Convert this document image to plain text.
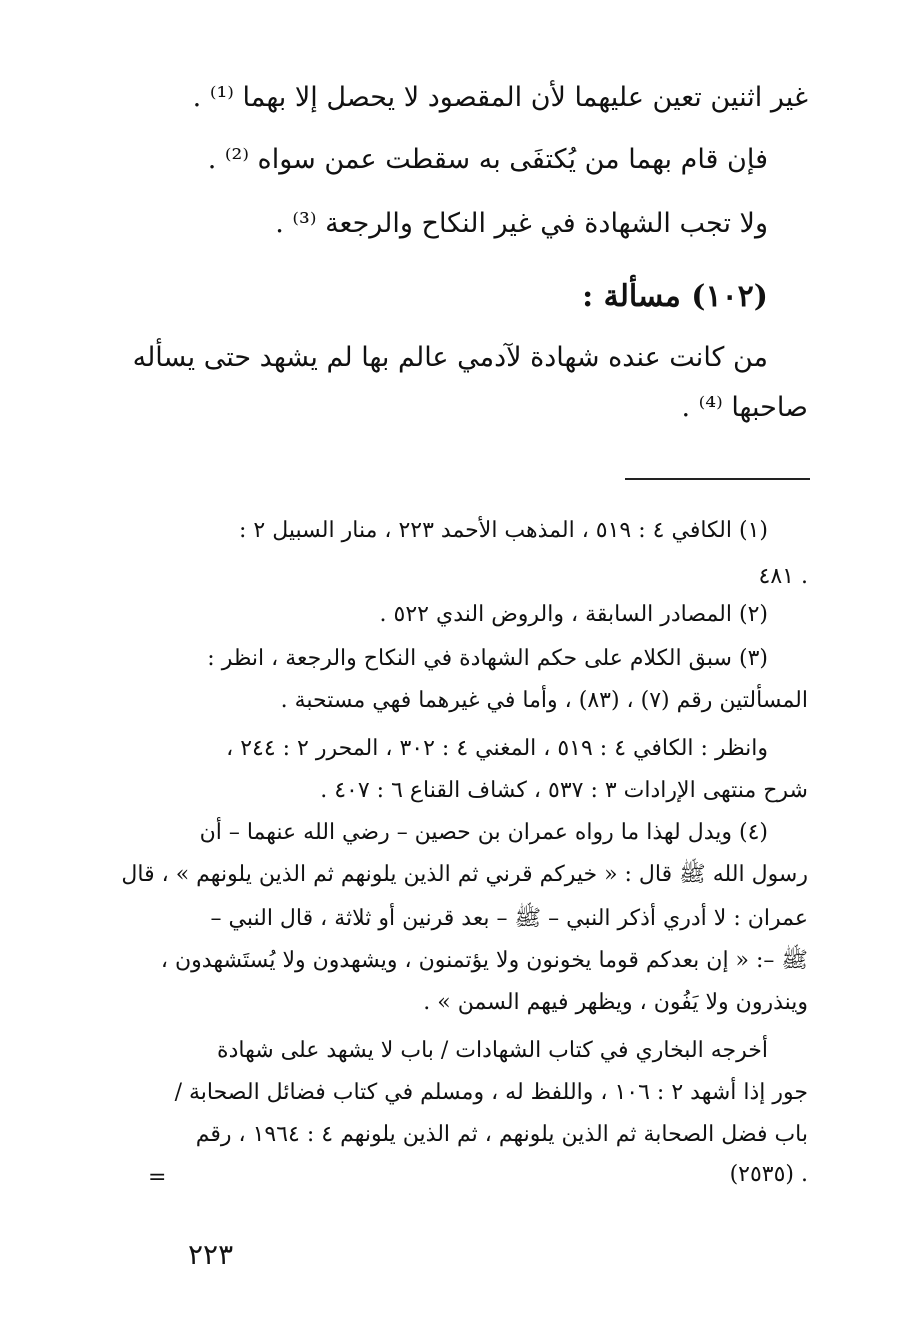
غير اثنين تعين عليهما لأن المقصود لا يحصل إلا بهما ⁽¹⁾ .
فإن قام بهما من يُكتفَى به سقطت عمن سواه ⁽²⁾ .
ولا تجب الشهادة في غير النكاح والرجعة ⁽³⁾ .
(١٠٢) مسألة :
من كانت عنده شهادة لآدمي عالم بها لم يشهد حتى يسأله
صاحبها ⁽⁴⁾ .
(١) الكافي ٤ : ٥١٩ ، المذهب الأحمد ٢٢٣ ، منار السبيل ٢ :
٤٨١ .
(٢) المصادر السابقة ، والروض الندي ٥٢٢ .
(٣) سبق الكلام على حكم الشهادة في النكاح والرجعة ، انظر :
المسألتين رقم (٧) ، (٨٣) ، وأما في غيرهما فهي مستحبة .
وانظر : الكافي ٤ : ٥١٩ ، المغني ٤ : ٣٠٢ ، المحرر ٢ : ٢٤٤ ،
شرح منتهى الإرادات ٣ : ٥٣٧ ، كشاف القناع ٦ : ٤٠٧ .
(٤) ويدل لهذا ما رواه عمران بن حصين – رضي الله عنهما – أن
رسول الله ﷺ قال : « خيركم قرني ثم الذين يلونهم ثم الذين يلونهم » ، قال
عمران : لا أدري أذكر النبي – ﷺ – بعد قرنين أو ثلاثة ، قال النبي –
ﷺ –: « إن بعدكم قوما يخونون ولا يؤتمنون ، ويشهدون ولا يُستَشهدون ،
وينذرون ولا يَفُون ، ويظهر فيهم السمن » .
أخرجه البخاري في كتاب الشهادات / باب لا يشهد على شهادة
جور إذا أشهد ٢ : ١٠٦ ، واللفظ له ، ومسلم في كتاب فضائل الصحابة /
باب فضل الصحابة ثم الذين يلونهم ، ثم الذين يلونهم ٤ : ١٩٦٤ ، رقم
(٢٥٣٥) .
=
٢٢٣
